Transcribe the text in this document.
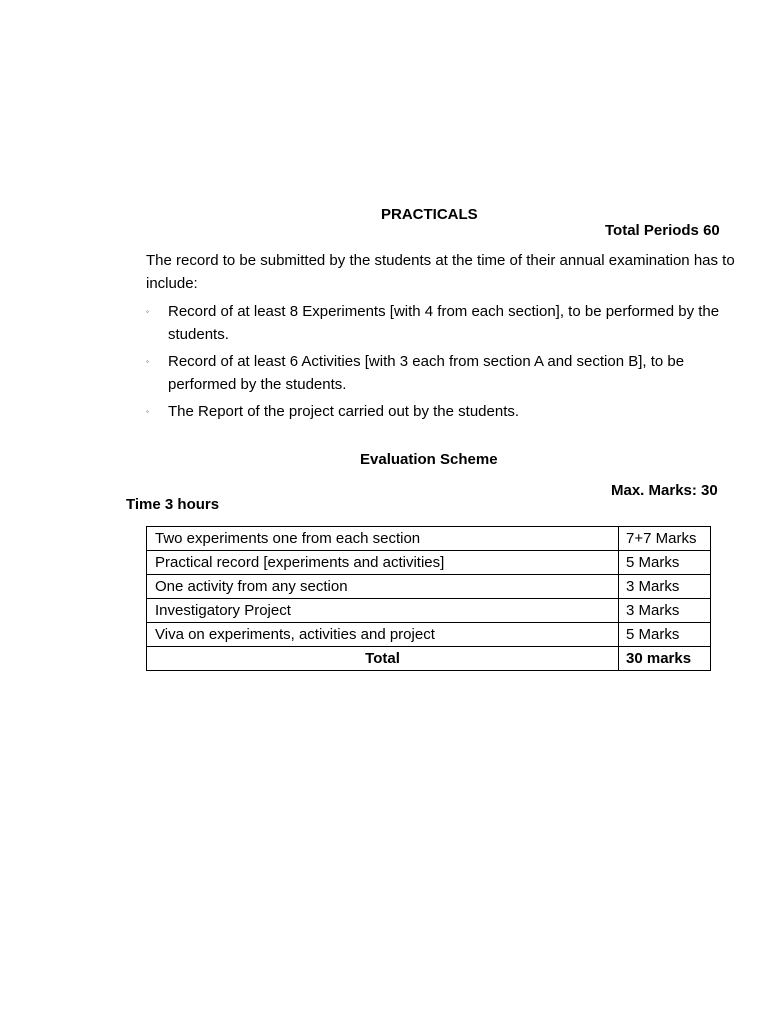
PRACTICALS
Total Periods 60
The record to be submitted by the students at the time of their annual examination has to include:
◦ Record of at least 8 Experiments [with 4 from each section], to be performed by the students.
◦ Record of at least 6 Activities [with 3 each from section A and section B], to be performed by the students.
◦ The Report of the project carried out by the students.
Evaluation Scheme
Max. Marks: 30
Time 3 hours
Two experiments one from each section	7+7 Marks
Practical record [experiments and activities]	5 Marks
One activity from any section	3 Marks
Investigatory Project	3 Marks
Viva on experiments, activities and project	5 Marks
Total	30 marks
